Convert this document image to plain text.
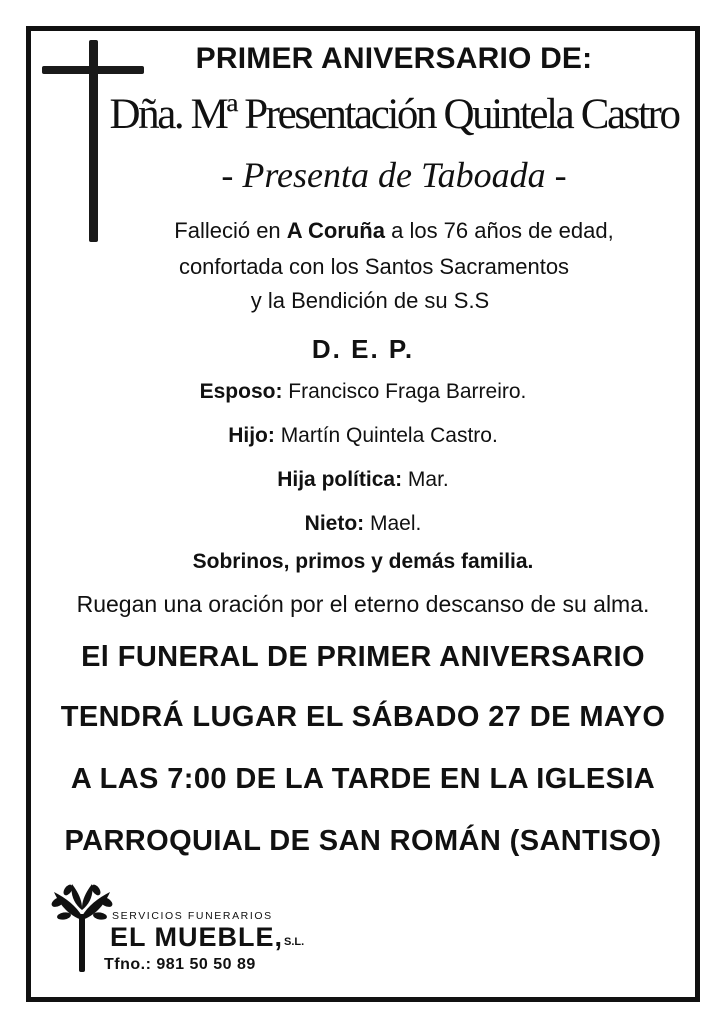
PRIMER ANIVERSARIO DE:
Dña. Mª Presentación Quintela Castro
- Presenta de Taboada -
Falleció en A Coruña a los 76 años de edad,
confortada con los Santos Sacramentos
y la Bendición de su S.S
D. E. P.
Esposo: Francisco Fraga Barreiro.
Hijo: Martín Quintela Castro.
Hija política: Mar.
Nieto: Mael.
Sobrinos, primos y demás familia.
Ruegan una oración por el eterno descanso de su alma.
El FUNERAL DE PRIMER ANIVERSARIO
TENDRÁ LUGAR EL SÁBADO 27 DE MAYO
A LAS 7:00 DE LA TARDE EN LA IGLESIA
PARROQUIAL DE SAN ROMÁN (SANTISO)
SERVICIOS FUNERARIOS
EL MUEBLE, S.L.
Tfno.: 981 50 50 89
